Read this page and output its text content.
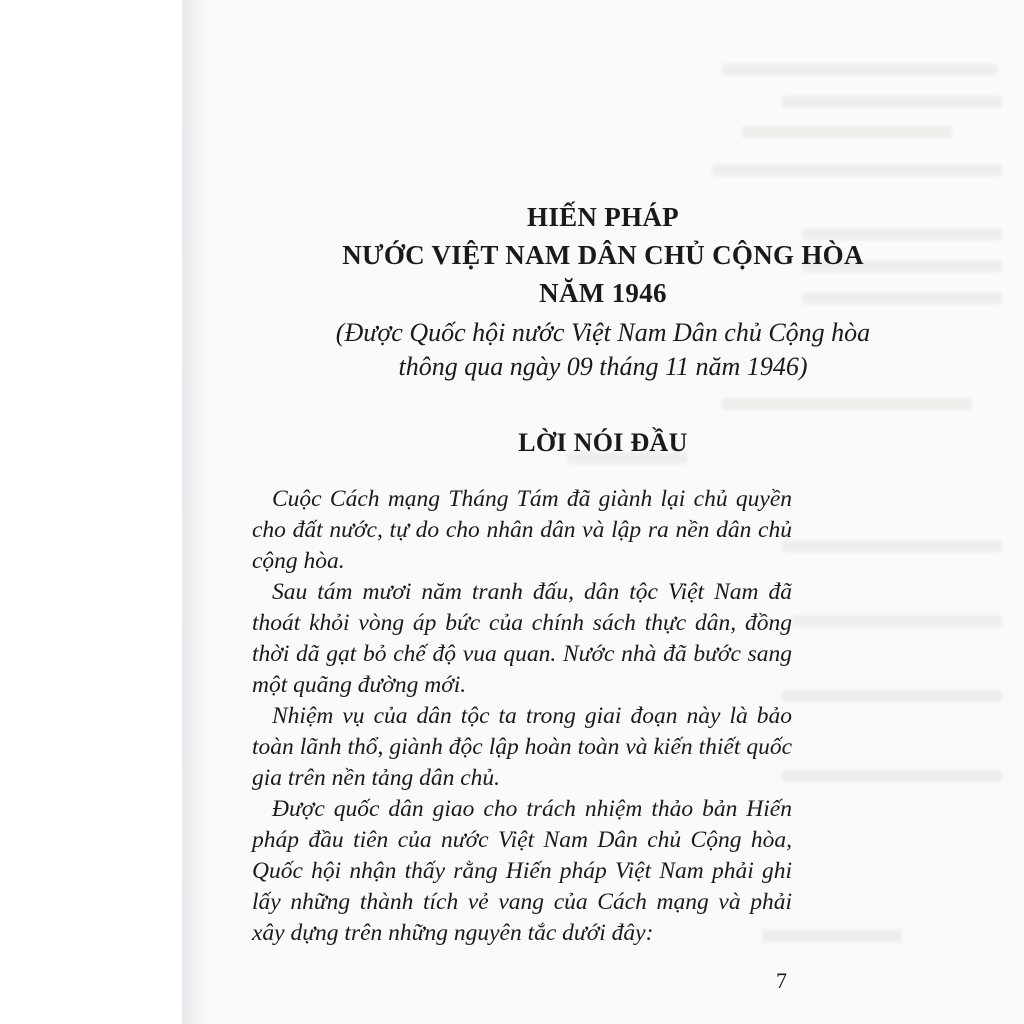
HIẾN PHÁP
NƯỚC VIỆT NAM DÂN CHỦ CỘNG HÒA
NĂM 1946
(Được Quốc hội nước Việt Nam Dân chủ Cộng hòa
thông qua ngày 09 tháng 11 năm 1946)
LỜI NÓI ĐẦU
Cuộc Cách mạng Tháng Tám đã giành lại chủ quyền cho đất nước, tự do cho nhân dân và lập ra nền dân chủ cộng hòa.
Sau tám mươi năm tranh đấu, dân tộc Việt Nam đã thoát khỏi vòng áp bức của chính sách thực dân, đồng thời dã gạt bỏ chế độ vua quan. Nước nhà đã bước sang một quãng đường mới.
Nhiệm vụ của dân tộc ta trong giai đoạn này là bảo toàn lãnh thổ, giành độc lập hoàn toàn và kiến thiết quốc gia trên nền tảng dân chủ.
Được quốc dân giao cho trách nhiệm thảo bản Hiến pháp đầu tiên của nước Việt Nam Dân chủ Cộng hòa, Quốc hội nhận thấy rằng Hiến pháp Việt Nam phải ghi lấy những thành tích vẻ vang của Cách mạng và phải xây dựng trên những nguyên tắc dưới đây:
7
